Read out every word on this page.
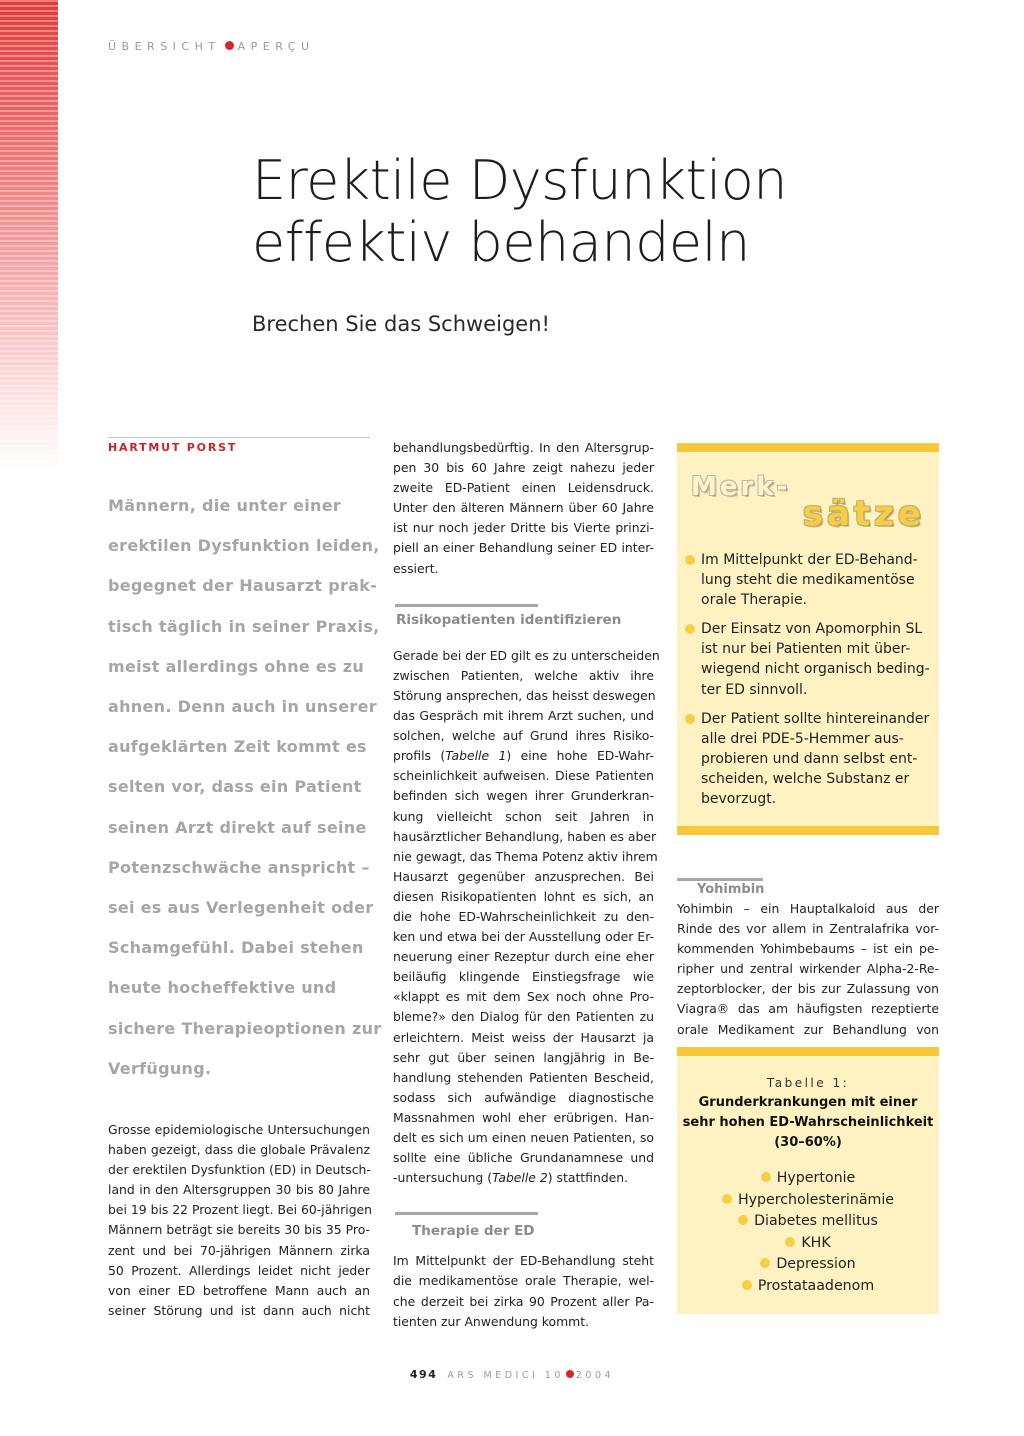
ÜBERSICHT APERÇU
Erektile Dysfunktion
effektiv behandeln
Brechen Sie das Schweigen!
HARTMUT PORST

Männern, die unter einer

erektilen Dysfunktion leiden,

begegnet der Hausarzt prak-

tisch täglich in seiner Praxis,

meist allerdings ohne es zu

ahnen. Denn auch in unserer

aufgeklärten Zeit kommt es

selten vor, dass ein Patient

seinen Arzt direkt auf seine

Potenzschwäche anspricht –

sei es aus Verlegenheit oder

Schamgefühl. Dabei stehen

heute hocheffektive und

sichere Therapieoptionen zur

Verfügung.

Grosse epidemiologische Untersuchungen

haben gezeigt, dass die globale Prävalenz

der erektilen Dysfunktion (ED) in Deutsch-

land in den Altersgruppen 30 bis 80 Jahre

bei 19 bis 22 Prozent liegt. Bei 60-jährigen

Männern beträgt sie bereits 30 bis 35 Pro-

zent und bei 70-jährigen Männern zirka

50 Prozent. Allerdings leidet nicht jeder

von einer ED betroffene Mann auch an

seiner Störung und ist dann auch nicht

behandlungsbedürftig. In den Altersgrup-

pen 30 bis 60 Jahre zeigt nahezu jeder

zweite ED-Patient einen Leidensdruck.

Unter den älteren Männern über 60 Jahre

ist nur noch jeder Dritte bis Vierte prinzi-

piell an einer Behandlung seiner ED inter-

essiert.

Risikopatienten identifizieren

Gerade bei der ED gilt es zu unterscheiden

zwischen Patienten, welche aktiv ihre

Störung ansprechen, das heisst deswegen

das Gespräch mit ihrem Arzt suchen, und

solchen, welche auf Grund ihres Risiko-

profils (Tabelle 1) eine hohe ED-Wahr-

scheinlichkeit aufweisen. Diese Patienten

befinden sich wegen ihrer Grunderkran-

kung vielleicht schon seit Jahren in

hausärztlicher Behandlung, haben es aber

nie gewagt, das Thema Potenz aktiv ihrem

Hausarzt gegenüber anzusprechen. Bei

diesen Risikopatienten lohnt es sich, an

die hohe ED-Wahrscheinlichkeit zu den-

ken und etwa bei der Ausstellung oder Er-

neuerung einer Rezeptur durch eine eher

beiläufig klingende Einstiegsfrage wie

«klappt es mit dem Sex noch ohne Pro-

bleme?» den Dialog für den Patienten zu

erleichtern. Meist weiss der Hausarzt ja

sehr gut über seinen langjährig in Be-

handlung stehenden Patienten Bescheid,

sodass sich aufwändige diagnostische

Massnahmen wohl eher erübrigen. Han-

delt es sich um einen neuen Patienten, so

sollte eine übliche Grundanamnese und

-untersuchung (Tabelle 2) stattfinden.

Therapie der ED

Im Mittelpunkt der ED-Behandlung steht

die medikamentöse orale Therapie, wel-

che derzeit bei zirka 90 Prozent aller Pa-

tienten zur Anwendung kommt.

Merk-
sätze
Im Mittelpunkt der ED-Behand-
lung steht die medikamentöse
orale Therapie.
Der Einsatz von Apomorphin SL
ist nur bei Patienten mit über-
wiegend nicht organisch beding-
ter ED sinnvoll.
Der Patient sollte hintereinander
alle drei PDE-5-Hemmer aus-
probieren und dann selbst ent-
scheiden, welche Substanz er
bevorzugt.
Yohimbin

Yohimbin – ein Hauptalkaloid aus der

Rinde des vor allem in Zentralafrika vor-

kommenden Yohimbebaums – ist ein pe-

ripher und zentral wirkender Alpha-2-Re-

zeptorblocker, der bis zur Zulassung von

Viagra® das am häufigsten rezeptierte

orale Medikament zur Behandlung von

Tabelle 1:
Grunderkrankungen mit einer
sehr hohen ED-Wahrscheinlichkeit
(30–60%)
Hypertonie
Hypercholesterinämie
Diabetes mellitus
KHK
Depression
Prostataadenom
494 ARS MEDICI 10 2004
